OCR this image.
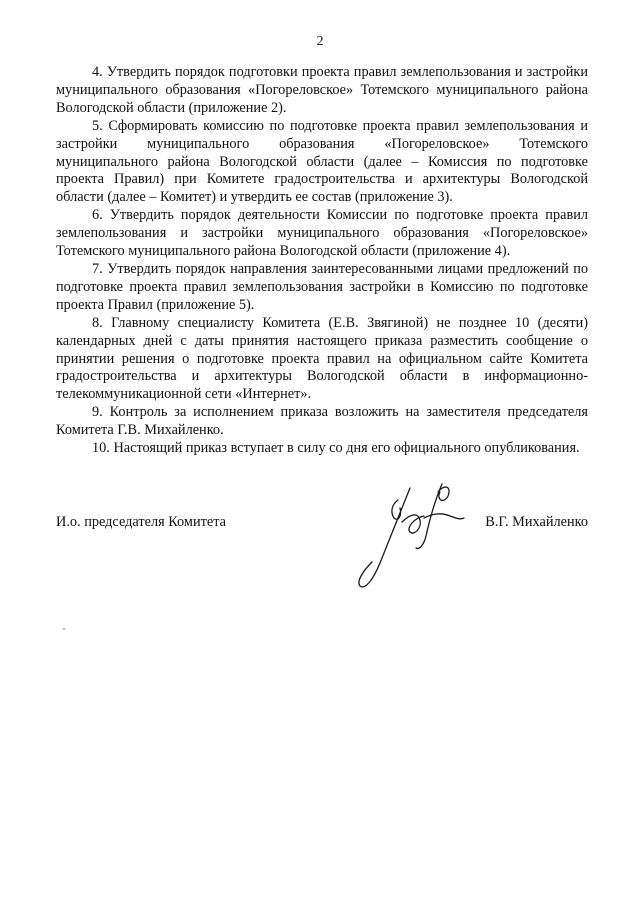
2

4. Утвердить порядок подготовки проекта правил землепользования и застройки муниципального образования «Погореловское» Тотемского муниципального района Вологодской области (приложение 2).

5. Сформировать комиссию по подготовке проекта правил землепользования и застройки муниципального образования «Погореловское» Тотемского муниципального района Вологодской области (далее – Комиссия по подготовке проекта Правил) при Комитете градостроительства и архитектуры Вологодской области (далее – Комитет) и утвердить ее состав (приложение 3).

6. Утвердить порядок деятельности Комиссии по подготовке проекта правил землепользования и застройки муниципального образования «Погореловское» Тотемского муниципального района Вологодской области (приложение 4).

7. Утвердить порядок направления заинтересованными лицами предложений по подготовке проекта правил землепользования застройки в Комиссию по подготовке проекта Правил (приложение 5).

8. Главному специалисту Комитета (Е.В. Звягиной) не позднее 10 (десяти) календарных дней с даты принятия настоящего приказа разместить сообщение о принятии решения о подготовке проекта правил на официальном сайте Комитета градостроительства и архитектуры Вологодской области в информационно-телекоммуникационной сети «Интернет».

9. Контроль за исполнением приказа возложить на заместителя председателя Комитета Г.В. Михайленко.

10. Настоящий приказ вступает в силу со дня его официального опубликования.

И.о. председателя Комитета	В.Г. Михайленко
